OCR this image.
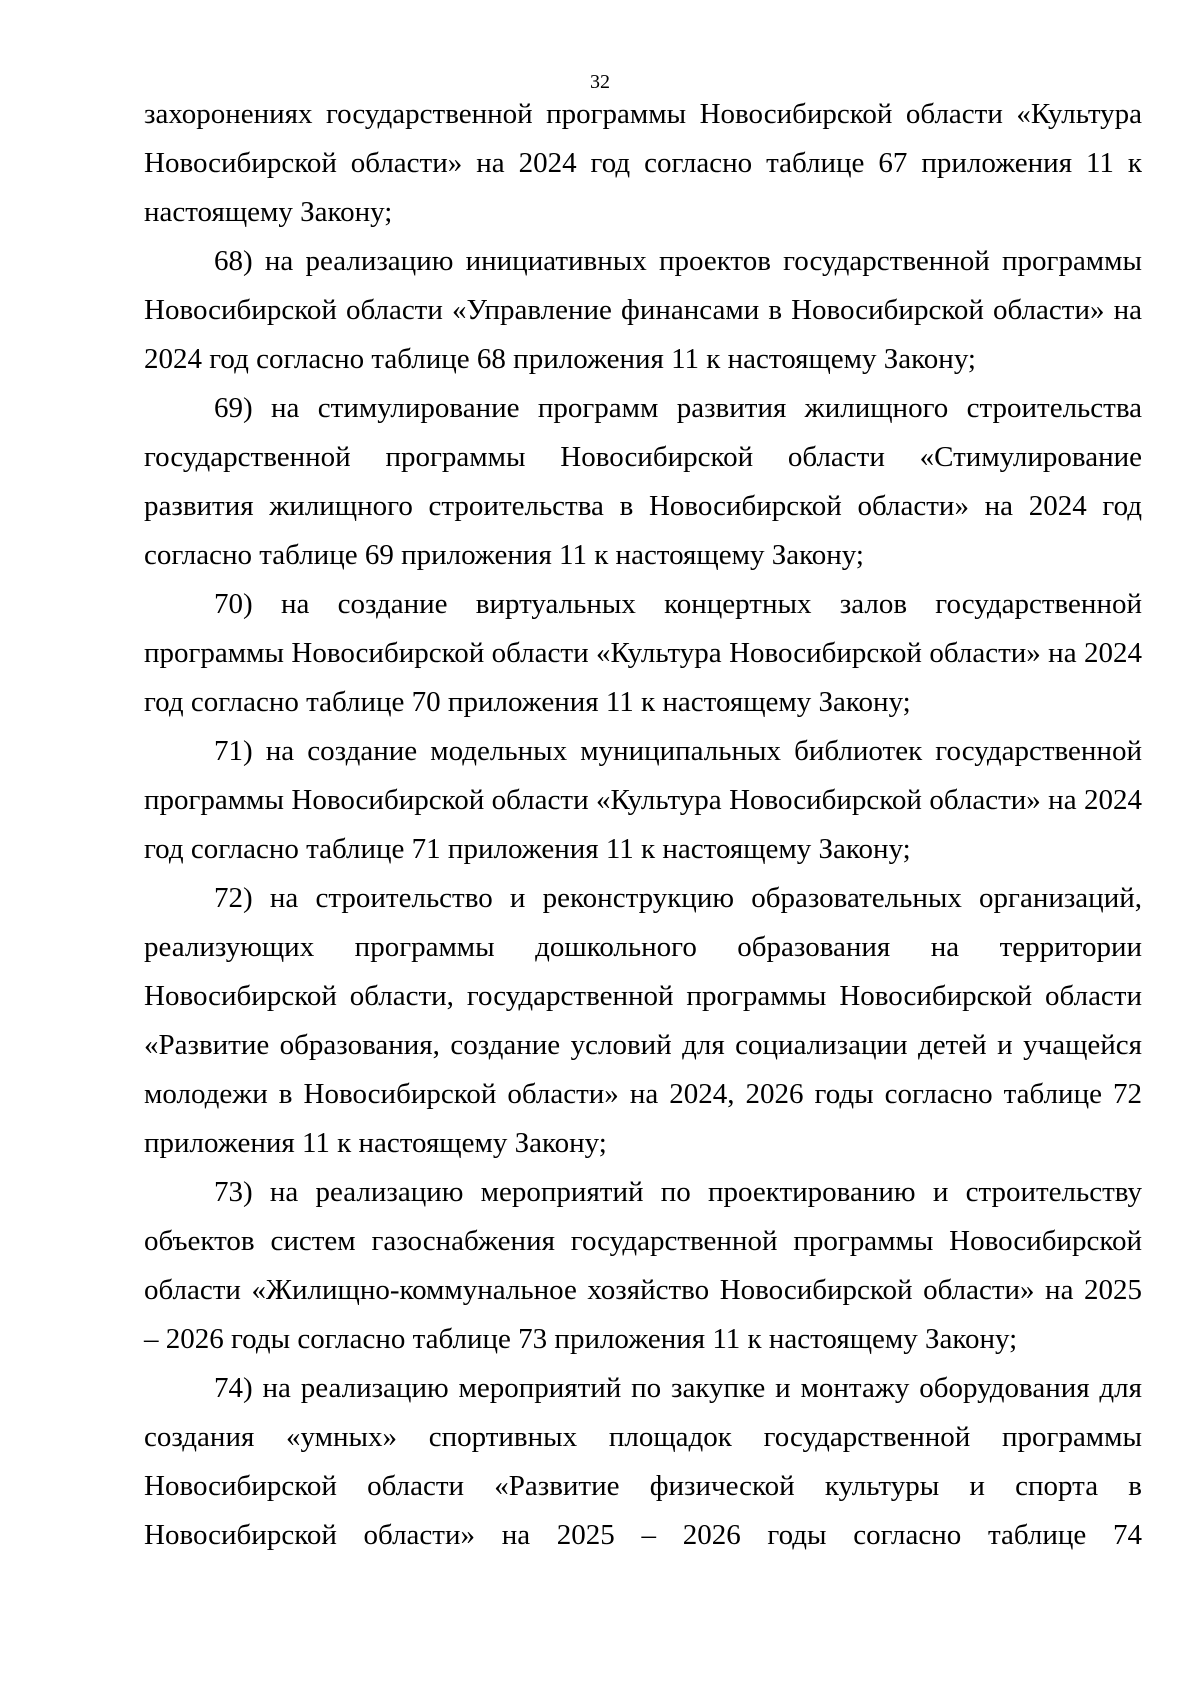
32

захоронениях государственной программы Новосибирской области «Культура Новосибирской области» на 2024 год согласно таблице 67 приложения 11 к настоящему Закону;

68) на реализацию инициативных проектов государственной программы Новосибирской области «Управление финансами в Новосибирской области» на 2024 год согласно таблице 68 приложения 11 к настоящему Закону;

69) на стимулирование программ развития жилищного строительства государственной программы Новосибирской области «Стимулирование развития жилищного строительства в Новосибирской области» на 2024 год согласно таблице 69 приложения 11 к настоящему Закону;

70) на создание виртуальных концертных залов государственной программы Новосибирской области «Культура Новосибирской области» на 2024 год согласно таблице 70 приложения 11 к настоящему Закону;

71) на создание модельных муниципальных библиотек государственной программы Новосибирской области «Культура Новосибирской области» на 2024 год согласно таблице 71 приложения 11 к настоящему Закону;

72) на строительство и реконструкцию образовательных организаций, реализующих программы дошкольного образования на территории Новосибирской области, государственной программы Новосибирской области «Развитие образования, создание условий для социализации детей и учащейся молодежи в Новосибирской области» на 2024, 2026 годы согласно таблице 72 приложения 11 к настоящему Закону;

73) на реализацию мероприятий по проектированию и строительству объектов систем газоснабжения государственной программы Новосибирской области «Жилищно-коммунальное хозяйство Новосибирской области» на 2025 – 2026 годы согласно таблице 73 приложения 11 к настоящему Закону;

74) на реализацию мероприятий по закупке и монтажу оборудования для создания «умных» спортивных площадок государственной программы Новосибирской области «Развитие физической культуры и спорта в Новосибирской области» на 2025 – 2026 годы согласно таблице 74
